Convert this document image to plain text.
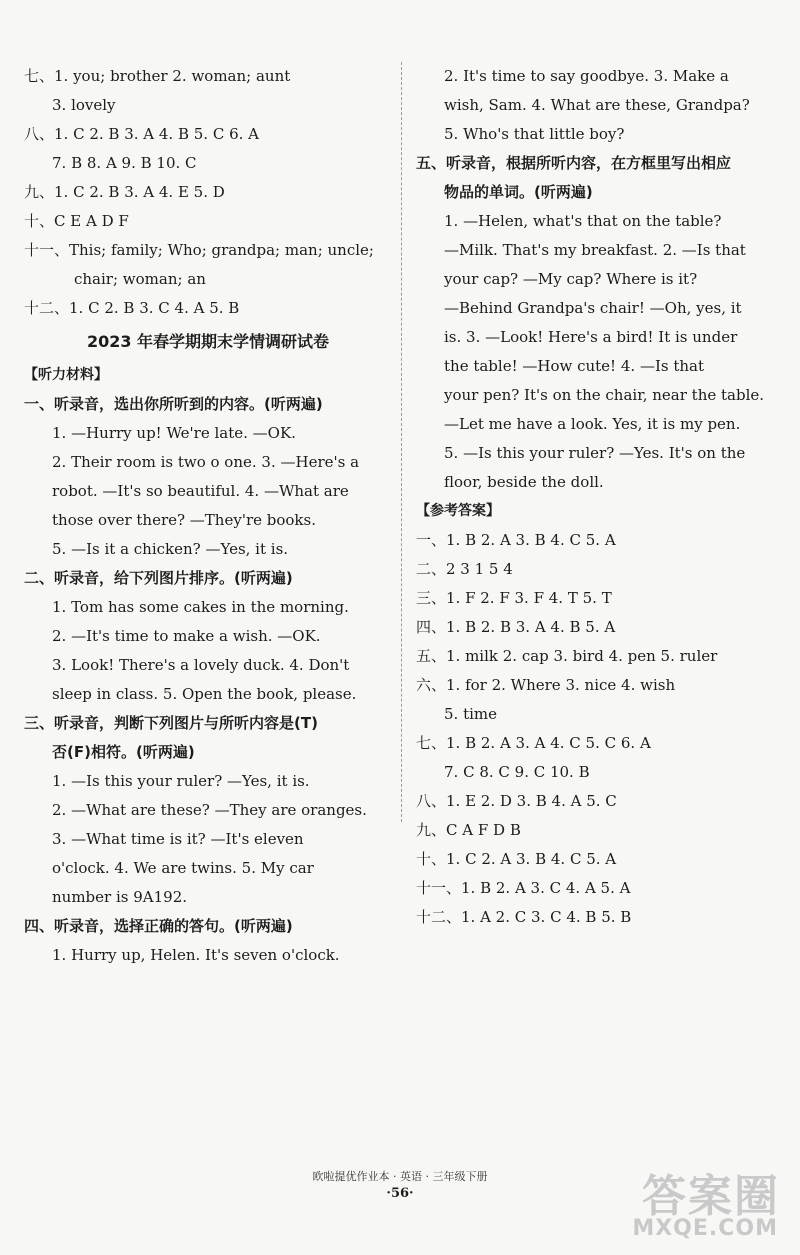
七、1. you; brother 2. woman; aunt
3. lovely
八、1. C 2. B 3. A 4. B 5. C 6. A
7. B 8. A 9. B 10. C
九、1. C 2. B 3. A 4. E 5. D
十、C E A D F
十一、This; family; Who; grandpa; man; uncle;
chair; woman; an
十二、1. C 2. B 3. C 4. A 5. B
2023 年春学期期末学情调研试卷
【听力材料】
一、听录音，选出你所听到的内容。(听两遍)
1. —Hurry up! We're late. —OK.
2. Their room is two o one. 3. —Here's a
robot. —It's so beautiful. 4. —What are
those over there? —They're books.
5. —Is it a chicken? —Yes, it is.
二、听录音，给下列图片排序。(听两遍)
1. Tom has some cakes in the morning.
2. —It's time to make a wish. —OK.
3. Look! There's a lovely duck. 4. Don't
sleep in class. 5. Open the book, please.
三、听录音，判断下列图片与所听内容是(T)
否(F)相符。(听两遍)
1. —Is this your ruler? —Yes, it is.
2. —What are these? —They are oranges.
3. —What time is it? —It's eleven
o'clock. 4. We are twins. 5. My car
number is 9A192.
四、听录音，选择正确的答句。(听两遍)
1. Hurry up, Helen. It's seven o'clock.
2. It's time to say goodbye. 3. Make a
wish, Sam. 4. What are these, Grandpa?
5. Who's that little boy?
五、听录音，根据所听内容，在方框里写出相应
物品的单词。(听两遍)
1. —Helen, what's that on the table?
—Milk. That's my breakfast. 2. —Is that
your cap? —My cap? Where is it?
—Behind Grandpa's chair! —Oh, yes, it
is. 3. —Look! Here's a bird! It is under
the table! —How cute! 4. —Is that
your pen? It's on the chair, near the table.
—Let me have a look. Yes, it is my pen.
5. —Is this your ruler? —Yes. It's on the
floor, beside the doll.
【参考答案】
一、1. B 2. A 3. B 4. C 5. A
二、2 3 1 5 4
三、1. F 2. F 3. F 4. T 5. T
四、1. B 2. B 3. A 4. B 5. A
五、1. milk 2. cap 3. bird 4. pen 5. ruler
六、1. for 2. Where 3. nice 4. wish
5. time
七、1. B 2. A 3. A 4. C 5. C 6. A
7. C 8. C 9. C 10. B
八、1. E 2. D 3. B 4. A 5. C
九、C A F D B
十、1. C 2. A 3. B 4. C 5. A
十一、1. B 2. A 3. C 4. A 5. A
十二、1. A 2. C 3. C 4. B 5. B
欧啦提优作业本 · 英语 · 三年级下册
·56·	答案圈
MXQE.COM
